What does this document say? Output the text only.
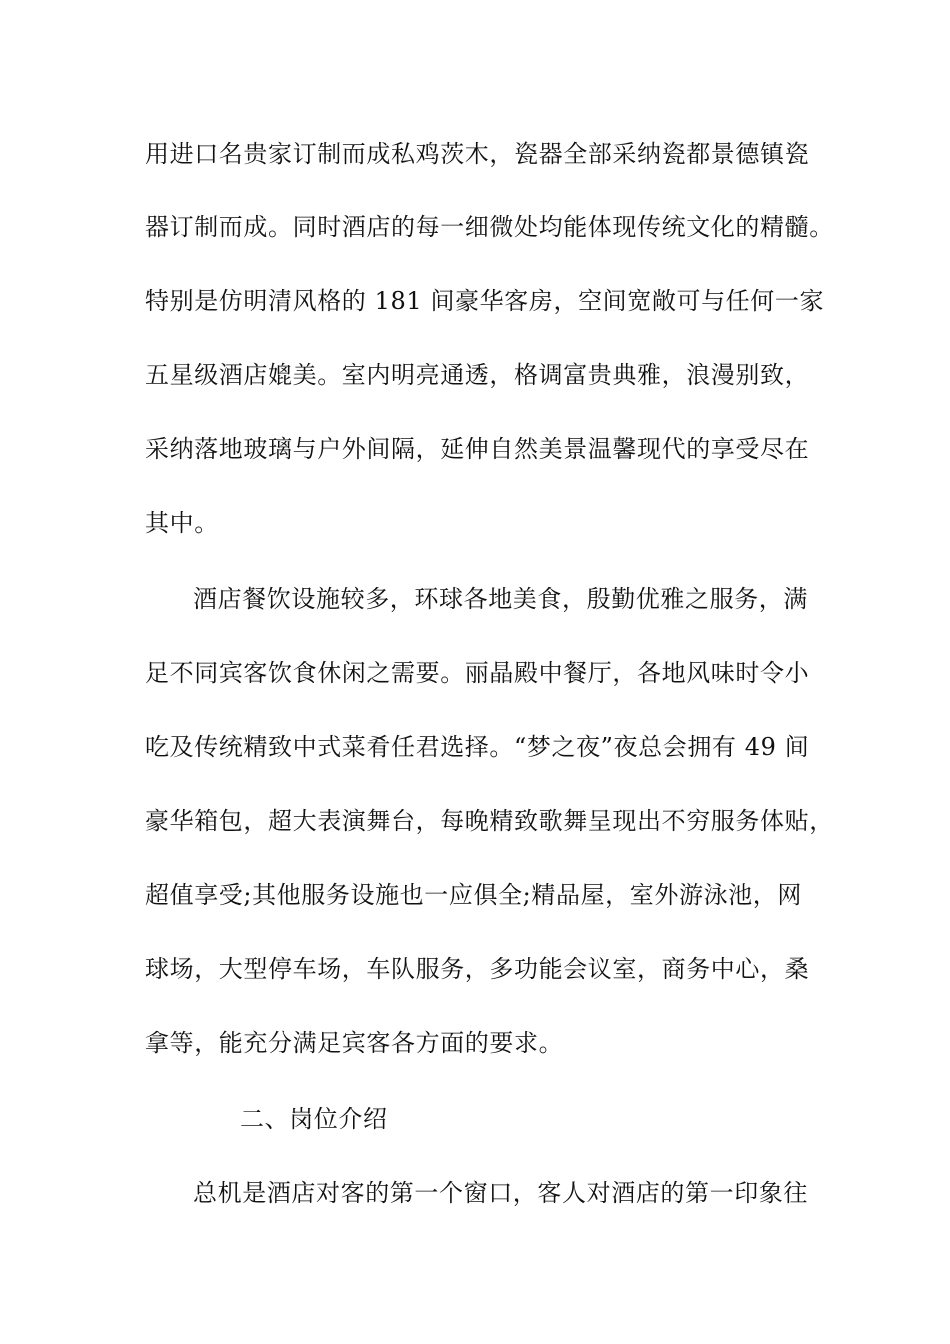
用进口名贵家订制而成私鸡茨木，瓷器全部采纳瓷都景德镇瓷
器订制而成。同时酒店的每一细微处均能体现传统文化的精髓。
特别是仿明清风格的 181 间豪华客房，空间宽敞可与任何一家
五星级酒店媲美。室内明亮通透，格调富贵典雅，浪漫别致，
采纳落地玻璃与户外间隔，延伸自然美景温馨现代的享受尽在
其中。
酒店餐饮设施较多，环球各地美食，殷勤优雅之服务，满
足不同宾客饮食休闲之需要。丽晶殿中餐厅，各地风味时令小
吃及传统精致中式菜肴任君选择。“梦之夜”夜总会拥有 49 间
豪华箱包，超大表演舞台，每晚精致歌舞呈现出不穷服务体贴，
超值享受;其他服务设施也一应俱全;精品屋，室外游泳池，网
球场，大型停车场，车队服务，多功能会议室，商务中心，桑
拿等，能充分满足宾客各方面的要求。
二、岗位介绍
总机是酒店对客的第一个窗口，客人对酒店的第一印象往
